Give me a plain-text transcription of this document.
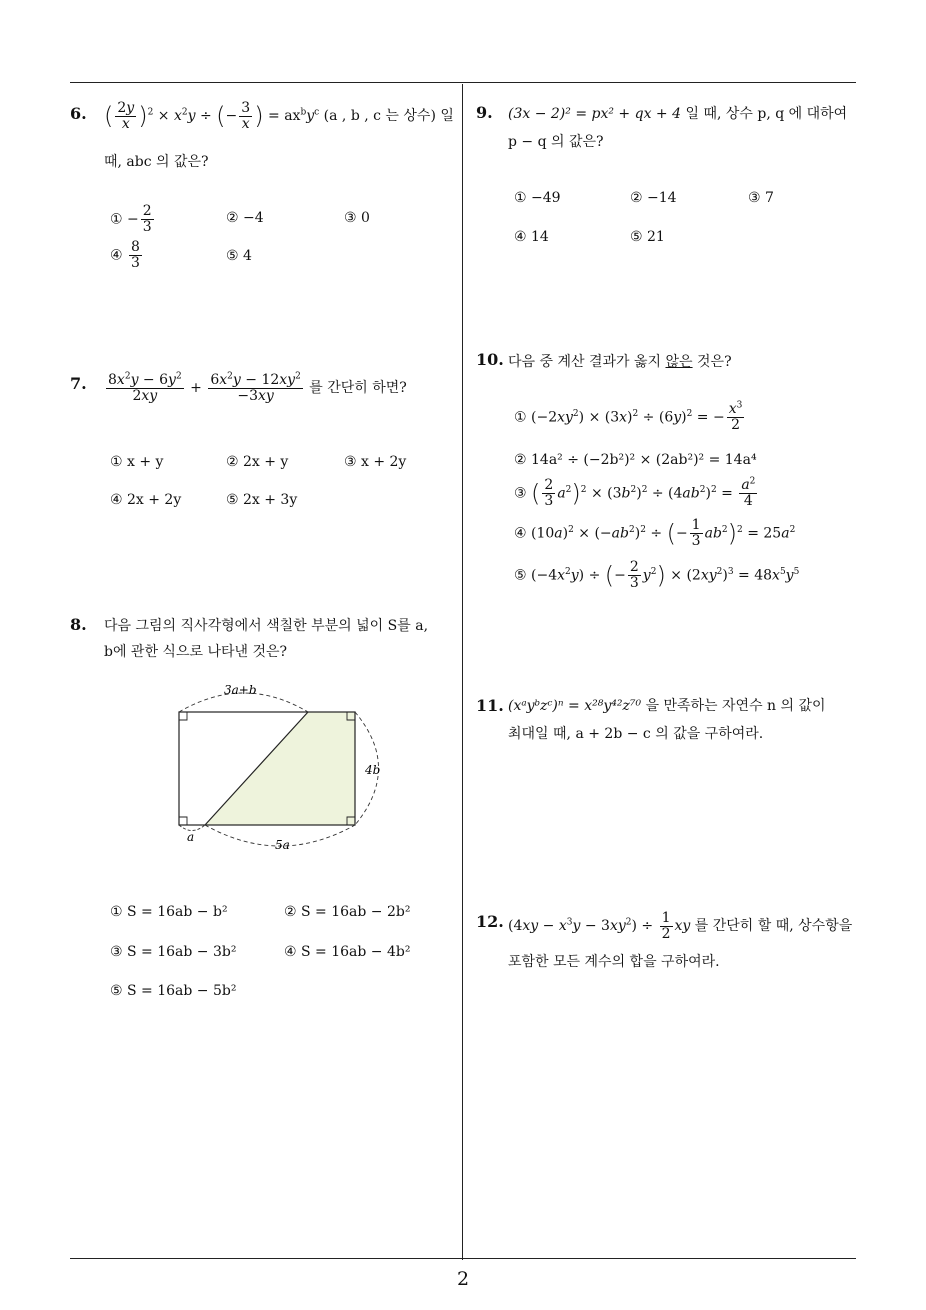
2
6. ( $\frac{2y}{x} )^2 \times x^2y$ ÷ (− $\frac{3}{x}$ ) = $ax^by^c$ (a , b , c 는 상수) 일
때, abc 의 값은?
① − $\frac{2}{3}$	② −4	③ 0
④ $\frac{8}{3}$	⑤ 4
7. $\frac{8x^2y - 6y^2}{2xy} + \frac{6x^2y - 12xy^2}{-3xy}$ 를 간단히 하면?
① x + y	② 2x + y	③ x + 2y
④ 2x + 2y	⑤ 2x + 3y
8. 다음 그림의 직사각형에서 색칠한 부분의 넓이 S를 a,
b에 관한 식으로 나타낸 것은?
3a+b
4b
5a
a
① S = 16ab − b²	② S = 16ab − 2b²
③ S = 16ab − 3b²	④ S = 16ab − 4b²
⑤ S = 16ab − 5b²
9. (3x − 2)² = px² + qx + 4 일 때, 상수 p, q 에 대하여
p − q 의 값은?
① −49	② −14	③ 7
④ 14	⑤ 21
10. 다음 중 계산 결과가 옳지 않은 것은?
① $(-2xy^2) \times (3x)^2 \div (6y)^2$ = − $\frac{x^3}{2}$
② 14a² ÷ (−2b²)² × (2ab²)² = 14a⁴
③ ( $\frac{2}{3} a^2)^2 \times (3b^2)^2 \div (4ab^2)^2 = \frac{a^2}{4}$
④ $(10a)^2 \times (-ab^2)^2$ ÷ (− $\frac{1}{3} ab^2)^2 = 25a^2$
⑤ $(-4x^2y)$ ÷ (− $\frac{2}{3} y^2) \times (2xy^2)^3 = 48x^5y^5$
11. (xᵃyᵇzᶜ)ⁿ = x²⁸y⁴²z⁷⁰ 을 만족하는 자연수 n 의 값이
최대일 때, a + 2b − c 의 값을 구하여라.
12. $(4xy - x^3y - 3xy^2) \div \frac{1}{2}$ xy 를 간단히 할 때, 상수항을
포함한 모든 계수의 합을 구하여라.
